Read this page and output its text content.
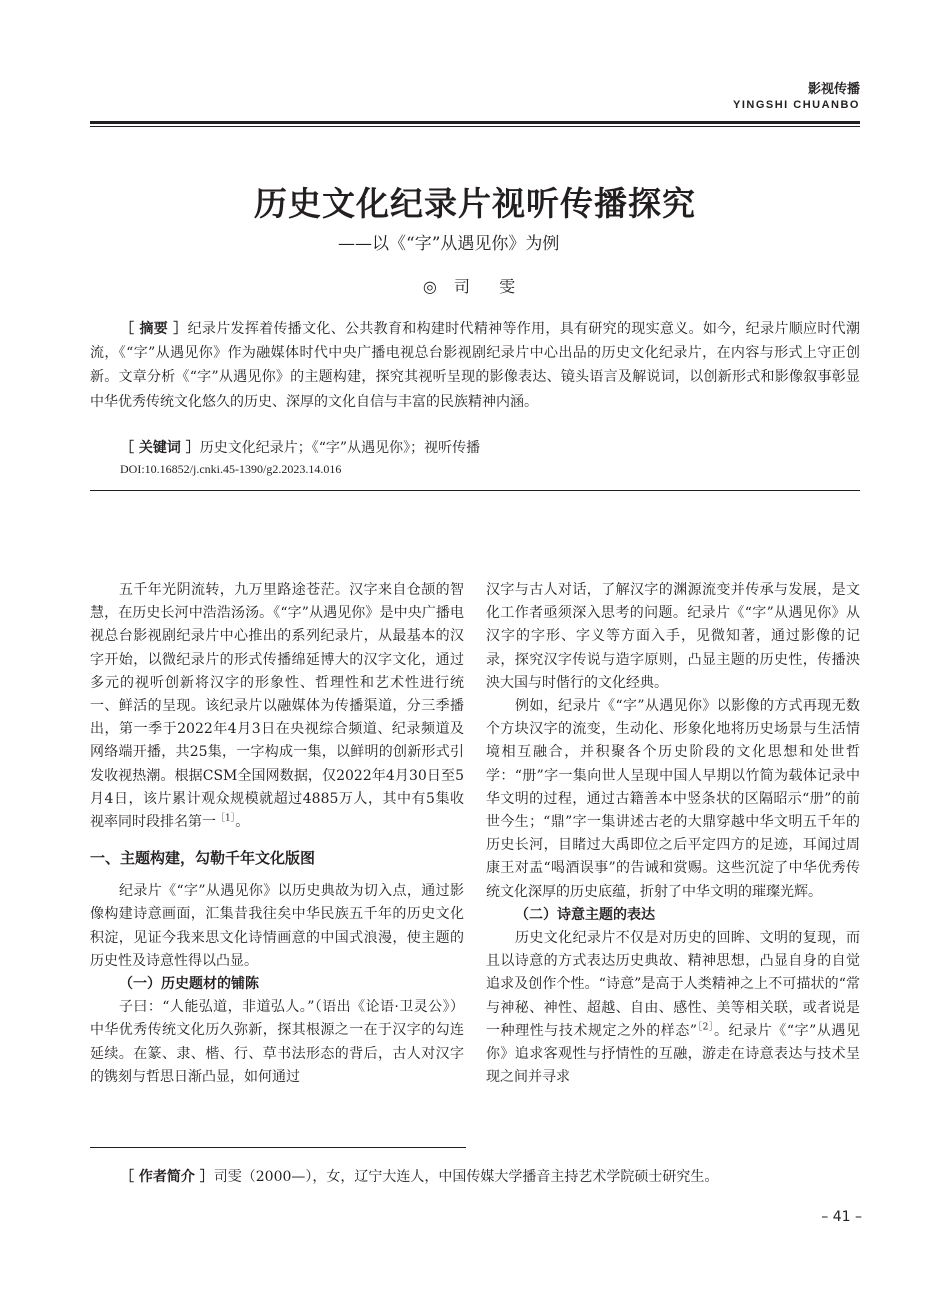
影视传播
YINGSHI CHUANBO
历史文化纪录片视听传播探究
——以《“字”从遇见你》为例
◎ 司 雯
［ 摘要 ］纪录片发挥着传播文化、公共教育和构建时代精神等作用，具有研究的现实意义。如今，纪录片顺应时代潮流，《“字”从遇见你》作为融媒体时代中央广播电视总台影视剧纪录片中心出品的历史文化纪录片，在内容与形式上守正创新。文章分析《“字”从遇见你》的主题构建，探究其视听呈现的影像表达、镜头语言及解说词，以创新形式和影像叙事彰显中华优秀传统文化悠久的历史、深厚的文化自信与丰富的民族精神内涵。
［ 关键词 ］历史文化纪录片；《“字”从遇见你》；视听传播
DOI:10.16852/j.cnki.45-1390/g2.2023.14.016

五千年光阴流转，九万里路途苍茫。汉字来自仓颉的智慧，在历史长河中浩浩汤汤。《“字”从遇见你》是中央广播电视总台影视剧纪录片中心推出的系列纪录片，从最基本的汉字开始，以微纪录片的形式传播绵延博大的汉字文化，通过多元的视听创新将汉字的形象性、哲理性和艺术性进行统一、鲜活的呈现。该纪录片以融媒体为传播渠道，分三季播出，第一季于2022年4月3日在央视综合频道、纪录频道及网络端开播，共25集，一字构成一集，以鲜明的创新形式引发收视热潮。根据CSM全国网数据，仅2022年4月30日至5月4日，该片累计观众规模就超过4885万人，其中有5集收视率同时段排名第一$^{[1]}$。

一、主题构建，勾勒千年文化版图

纪录片《“字”从遇见你》以历史典故为切入点，通过影像构建诗意画面，汇集昔我往矣中华民族五千年的历史文化积淀，见证今我来思文化诗情画意的中国式浪漫，使主题的历史性及诗意性得以凸显。

（一）历史题材的铺陈

子曰：“人能弘道，非道弘人。”（语出《论语·卫灵公》）中华优秀传统文化历久弥新，探其根源之一在于汉字的勾连延续。在篆、隶、楷、行、草书法形态的背后，古人对汉字的镌刻与哲思日渐凸显，如何通过

汉字与古人对话，了解汉字的渊源流变并传承与发展，是文化工作者亟须深入思考的问题。纪录片《“字”从遇见你》从汉字的字形、字义等方面入手，见微知著，通过影像的记录，探究汉字传说与造字原则，凸显主题的历史性，传播泱泱大国与时偕行的文化经典。

例如，纪录片《“字”从遇见你》以影像的方式再现无数个方块汉字的流变，生动化、形象化地将历史场景与生活情境相互融合，并积聚各个历史阶段的文化思想和处世哲学：“册”字一集向世人呈现中国人早期以竹简为载体记录中华文明的过程，通过古籍善本中竖条状的区隔昭示“册”的前世今生；“鼎”字一集讲述古老的大鼎穿越中华文明五千年的历史长河，目睹过大禹即位之后平定四方的足迹，耳闻过周康王对盂“喝酒误事”的告诫和赏赐。这些沉淀了中华优秀传统文化深厚的历史底蕴，折射了中华文明的璀璨光辉。

（二）诗意主题的表达

历史文化纪录片不仅是对历史的回眸、文明的复现，而且以诗意的方式表达历史典故、精神思想，凸显自身的自觉追求及创作个性。“诗意”是高于人类精神之上不可描状的“常与神秘、神性、超越、自由、感性、美等相关联，或者说是一种理性与技术规定之外的样态”$^{[2]}$。纪录片《“字”从遇见你》追求客观性与抒情性的互融，游走在诗意表达与技术呈现之间并寻求

［ 作者简介 ］司雯（2000—），女，辽宁大连人，中国传媒大学播音主持艺术学院硕士研究生。
– 41 –
